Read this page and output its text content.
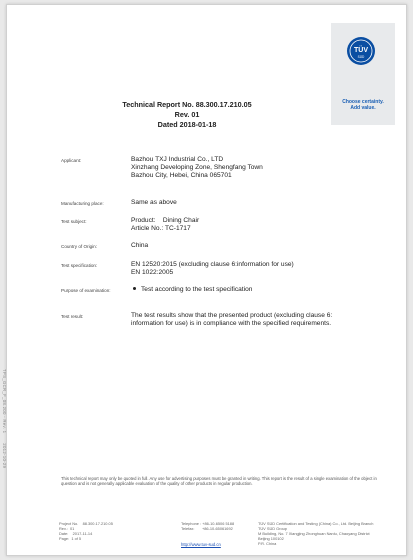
TÜV
SÜD
Choose certainty.
Add value.
Technical Report No. 88.300.17.210.05
Rev. 01
Dated 2018-01-18
Applicant:	Bazhou TXJ Industrial Co., LTD
Xinzhang Developing Zone, Shengfang Town
Bazhou City, Hebei, China 065701
Manufacturing place:	Same as above
Test subject:	Product:    Dining Chair
Article No.: TC-1717
Country of Origin:	China
Test specification:	EN 12520:2015 (excluding clause 6:information for use)
EN 1022:2005
Purpose of examination:	Test according to the test specification
Test result:	The test results show that the presented product (excluding clause 6:
information for use) is in compliance with the specified requirements.
TPS_GCR_F_08.200 - Rev. 12012-10-29
This technical report may only be quoted in full. Any use for advertising purposes must be granted in writing. This report is the result of a single examination of the object in question and is not generally applicable evaluation of the quality of other products in regular production.
Project No.    88.300.17.210.05
Rev.:  01
Date:    2017-11-14
Page:  1 of 5
Telephone : +86-10-6506 5188
Telefax:       +86-10-65061692
http://www.tuv-sud.cn
TÜV SÜD Certification and Testing (China) Co., Ltd. Beijing Branch
TÜV SÜD Group
M Building, No. 7 Xiangjing Zhonghuan Nanlu, Chaoyang District
Beijing 100102
P.R. China
